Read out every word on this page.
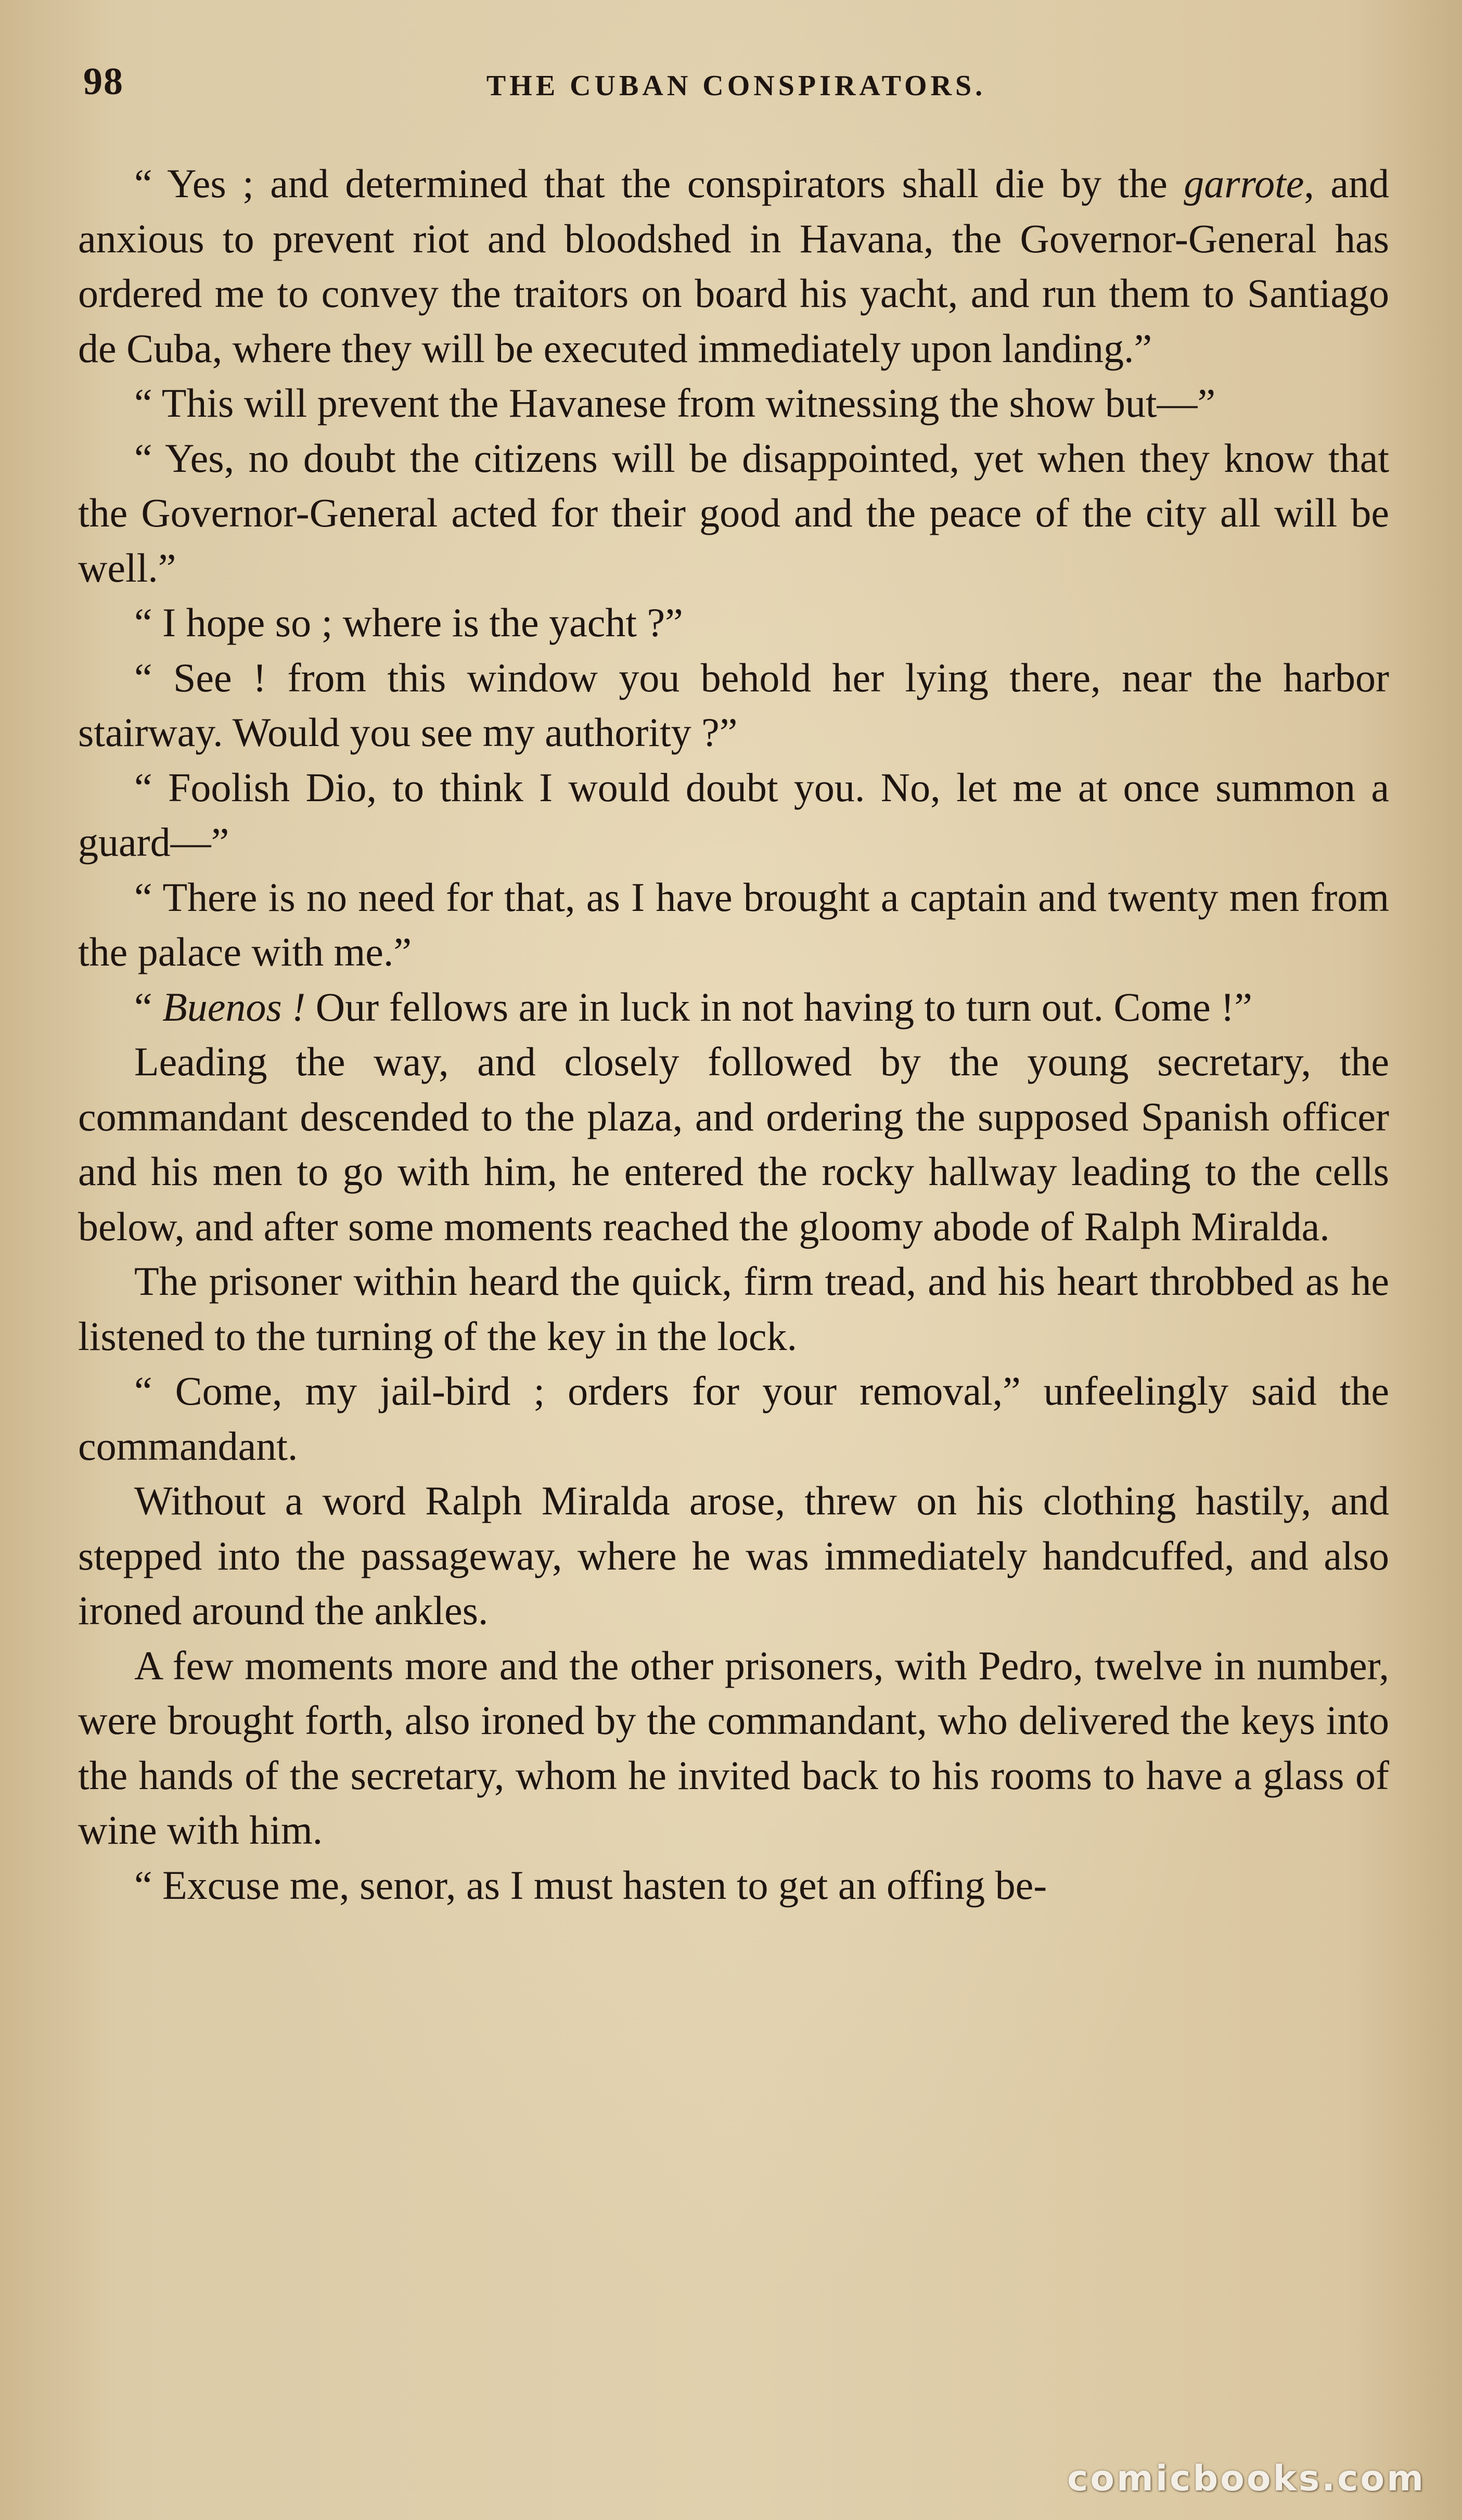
98	THE CUBAN CONSPIRATORS.

“ Yes ; and determined that the conspirators shall die by the garrote, and anxious to prevent riot and bloodshed in Havana, the Governor-General has ordered me to convey the traitors on board his yacht, and run them to Santiago de Cuba, where they will be executed immediately upon landing.”

“ This will prevent the Havanese from witnessing the show but—”

“ Yes, no doubt the citizens will be disappointed, yet when they know that the Governor-General acted for their good and the peace of the city all will be well.”

“ I hope so ; where is the yacht ?”

“ See ! from this window you behold her lying there, near the harbor stairway. Would you see my authority ?”

“ Foolish Dio, to think I would doubt you. No, let me at once summon a guard—”

“ There is no need for that, as I have brought a captain and twenty men from the palace with me.”

“ Buenos ! Our fellows are in luck in not having to turn out. Come !”

Leading the way, and closely followed by the young secretary, the commandant descended to the plaza, and ordering the supposed Spanish officer and his men to go with him, he entered the rocky hallway leading to the cells below, and after some moments reached the gloomy abode of Ralph Miralda.

The prisoner within heard the quick, firm tread, and his heart throbbed as he listened to the turning of the key in the lock.

“ Come, my jail-bird ; orders for your removal,” unfeelingly said the commandant.

Without a word Ralph Miralda arose, threw on his clothing hastily, and stepped into the passageway, where he was immediately handcuffed, and also ironed around the ankles.

A few moments more and the other prisoners, with Pedro, twelve in number, were brought forth, also ironed by the commandant, who delivered the keys into the hands of the secretary, whom he invited back to his rooms to have a glass of wine with him.

“ Excuse me, senor, as I must hasten to get an offing be-

comicbooks.com
